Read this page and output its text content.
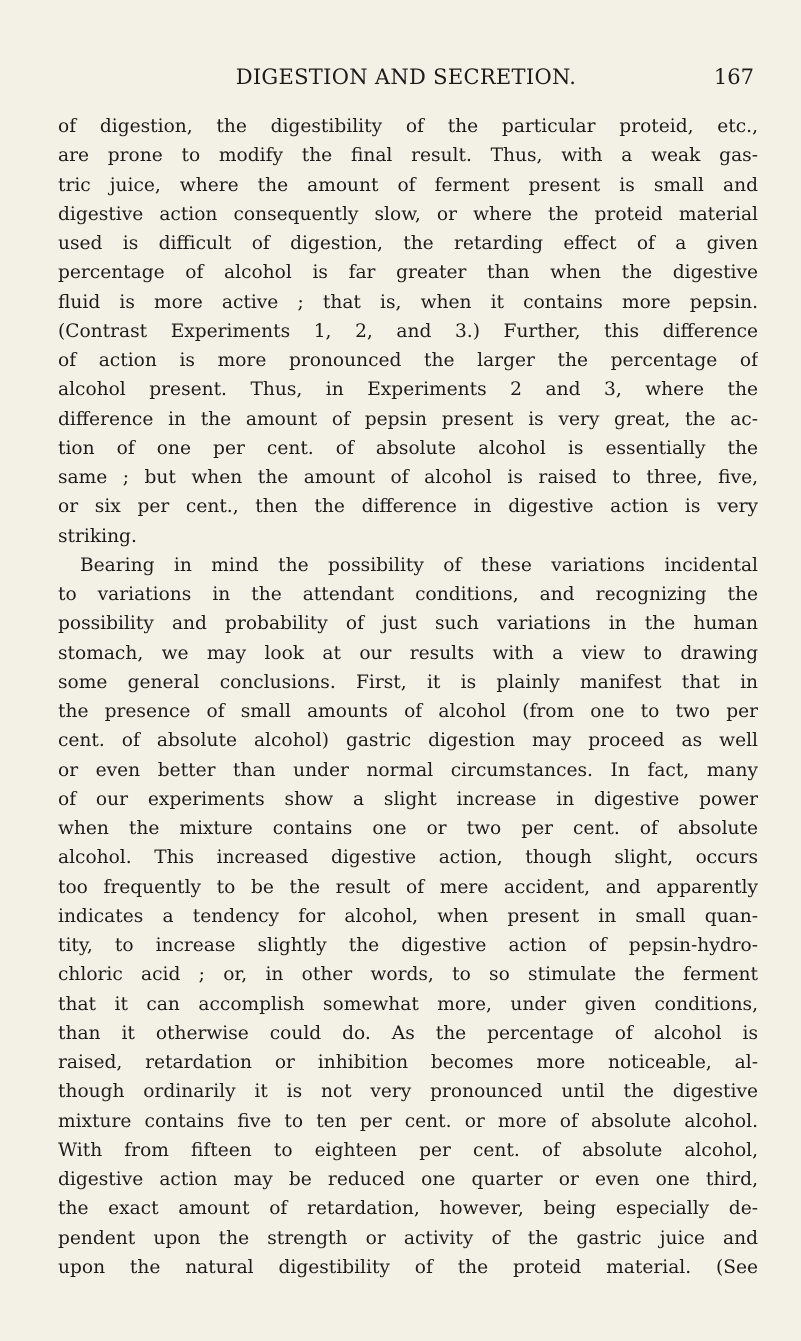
DIGESTION AND SECRETION.	167
of digestion, the digestibility of the particular proteid, etc.,
are prone to modify the final result. Thus, with a weak gas-
tric juice, where the amount of ferment present is small and
digestive action consequently slow, or where the proteid material
used is difficult of digestion, the retarding effect of a given
percentage of alcohol is far greater than when the digestive
fluid is more active ; that is, when it contains more pepsin.
(Contrast Experiments 1, 2, and 3.) Further, this difference
of action is more pronounced the larger the percentage of
alcohol present. Thus, in Experiments 2 and 3, where the
difference in the amount of pepsin present is very great, the ac-
tion of one per cent. of absolute alcohol is essentially the
same ; but when the amount of alcohol is raised to three, five,
or six per cent., then the difference in digestive action is very
striking.
Bearing in mind the possibility of these variations incidental
to variations in the attendant conditions, and recognizing the
possibility and probability of just such variations in the human
stomach, we may look at our results with a view to drawing
some general conclusions. First, it is plainly manifest that in
the presence of small amounts of alcohol (from one to two per
cent. of absolute alcohol) gastric digestion may proceed as well
or even better than under normal circumstances. In fact, many
of our experiments show a slight increase in digestive power
when the mixture contains one or two per cent. of absolute
alcohol. This increased digestive action, though slight, occurs
too frequently to be the result of mere accident, and apparently
indicates a tendency for alcohol, when present in small quan-
tity, to increase slightly the digestive action of pepsin-hydro-
chloric acid ; or, in other words, to so stimulate the ferment
that it can accomplish somewhat more, under given conditions,
than it otherwise could do. As the percentage of alcohol is
raised, retardation or inhibition becomes more noticeable, al-
though ordinarily it is not very pronounced until the digestive
mixture contains five to ten per cent. or more of absolute alcohol.
With from fifteen to eighteen per cent. of absolute alcohol,
digestive action may be reduced one quarter or even one third,
the exact amount of retardation, however, being especially de-
pendent upon the strength or activity of the gastric juice and
upon the natural digestibility of the proteid material. (See
